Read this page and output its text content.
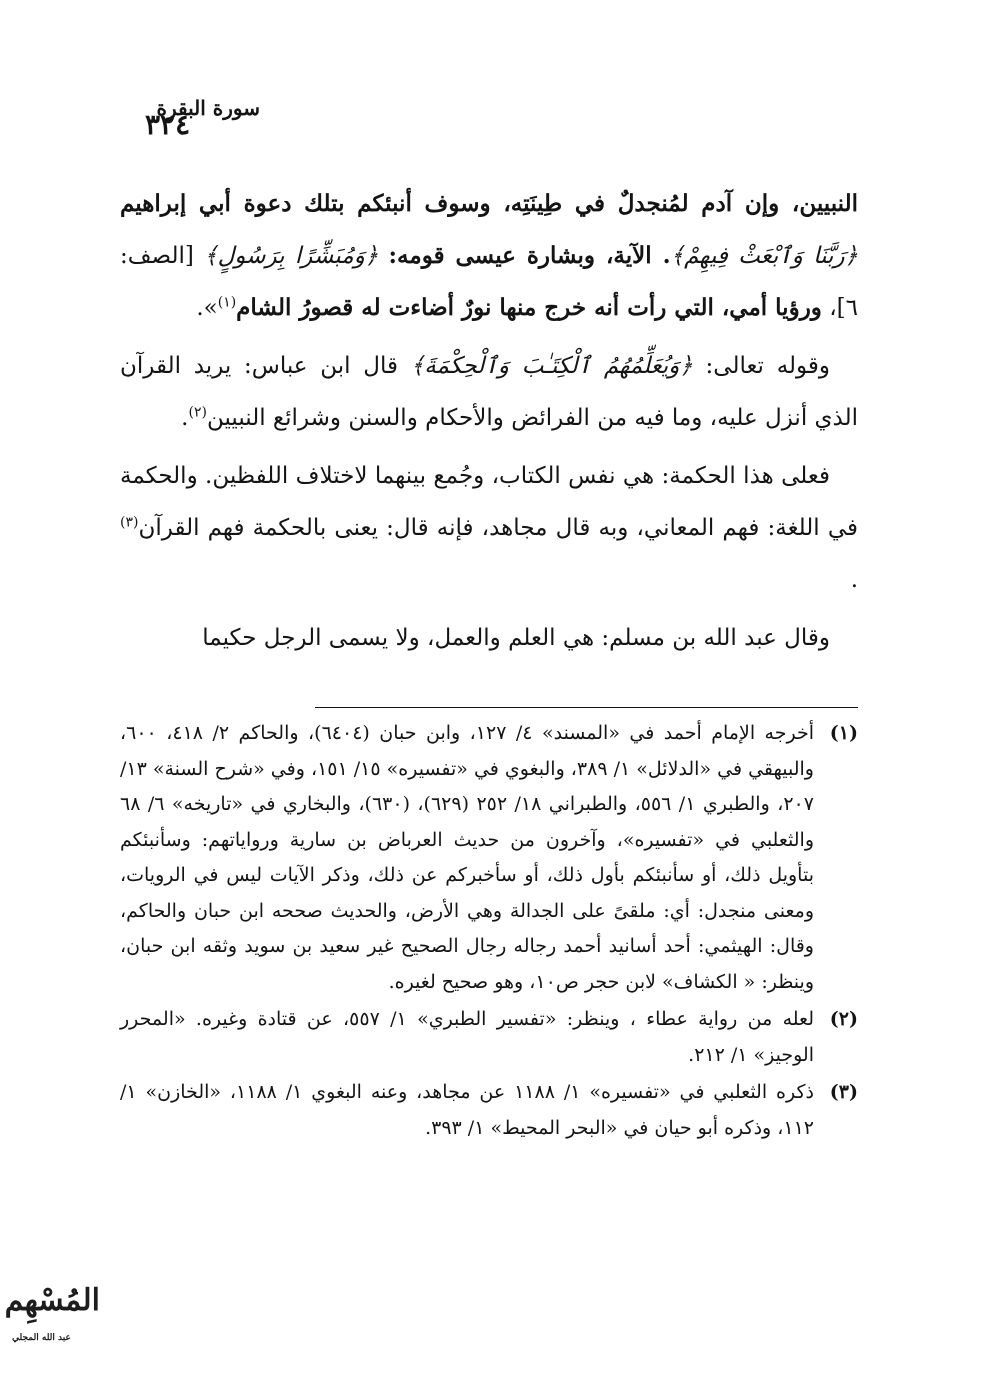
٣٢٤
سورة البقرة

النبيين، وإن آدم لمُنجدلٌ في طِينَتِه، وسوف أنبئكم بتلك دعوة أبي إبراهيم ﴿رَبَّنَا وَٱبْعَثْ فِيهِمْ﴾. الآية، وبشارة عيسى قومه: ﴿وَمُبَشِّرًا بِرَسُولٍ﴾ [الصف: ٦]، ورؤيا أمي، التي رأت أنه خرج منها نورٌ أضاءت له قصورُ الشام$^{(١)}$».

وقوله تعالى: ﴿وَيُعَلِّمُهُمُ ٱلْكِتَـٰبَ وَٱلْحِكْمَةَ﴾ قال ابن عباس: يريد القرآن الذي أنزل عليه، وما فيه من الفرائض والأحكام والسنن وشرائع النبيين$^{(٢)}$.

فعلى هذا الحكمة: هي نفس الكتاب، وجُمع بينهما لاختلاف اللفظين. والحكمة في اللغة: فهم المعاني، وبه قال مجاهد، فإنه قال: يعنى بالحكمة فهم القرآن$^{(٣)}$ .

وقال عبد الله بن مسلم: هي العلم والعمل، ولا يسمى الرجل حكيما

(١)
أخرجه الإمام أحمد في «المسند» ٤/ ١٢٧، وابن حبان (٦٤٠٤)، والحاكم ٢/ ٤١٨، ٦٠٠، والبيهقي في «الدلائل» ١/ ٣٨٩، والبغوي في «تفسيره» ١٥/ ١٥١، وفي «شرح السنة» ١٣/ ٢٠٧، والطبري ١/ ٥٥٦، والطبراني ١٨/ ٢٥٢ (٦٢٩)، (٦٣٠)، والبخاري في «تاريخه» ٦/ ٦٨ والثعلبي في «تفسيره»، وآخرون من حديث العرباض بن سارية ورواياتهم: وسأنبئكم بتأويل ذلك، أو سأنبئكم بأول ذلك، أو سأخبركم عن ذلك، وذكر الآيات ليس في الرويات، ومعنى منجدل: أي: ملقىً على الجدالة وهي الأرض، والحديث صححه ابن حبان والحاكم، وقال: الهيثمي: أحد أسانيد أحمد رجاله رجال الصحيح غير سعيد بن سويد وثقه ابن حبان، وينظر: « الكشاف» لابن حجر ص١٠، وهو صحيح لغيره.
(٢)
لعله من رواية عطاء ، وينظر: «تفسير الطبري» ١/ ٥٥٧، عن قتادة وغيره. «المحرر الوجيز» ١/ ٢١٢.
(٣)
ذكره الثعلبي في «تفسيره» ١/ ١١٨٨ عن مجاهد، وعنه البغوي ١/ ١١٨٨، «الخازن» ١/ ١١٢، وذكره أبو حيان في «البحر المحيط» ١/ ٣٩٣.
المُسْهِم
عبد الله المجلي
